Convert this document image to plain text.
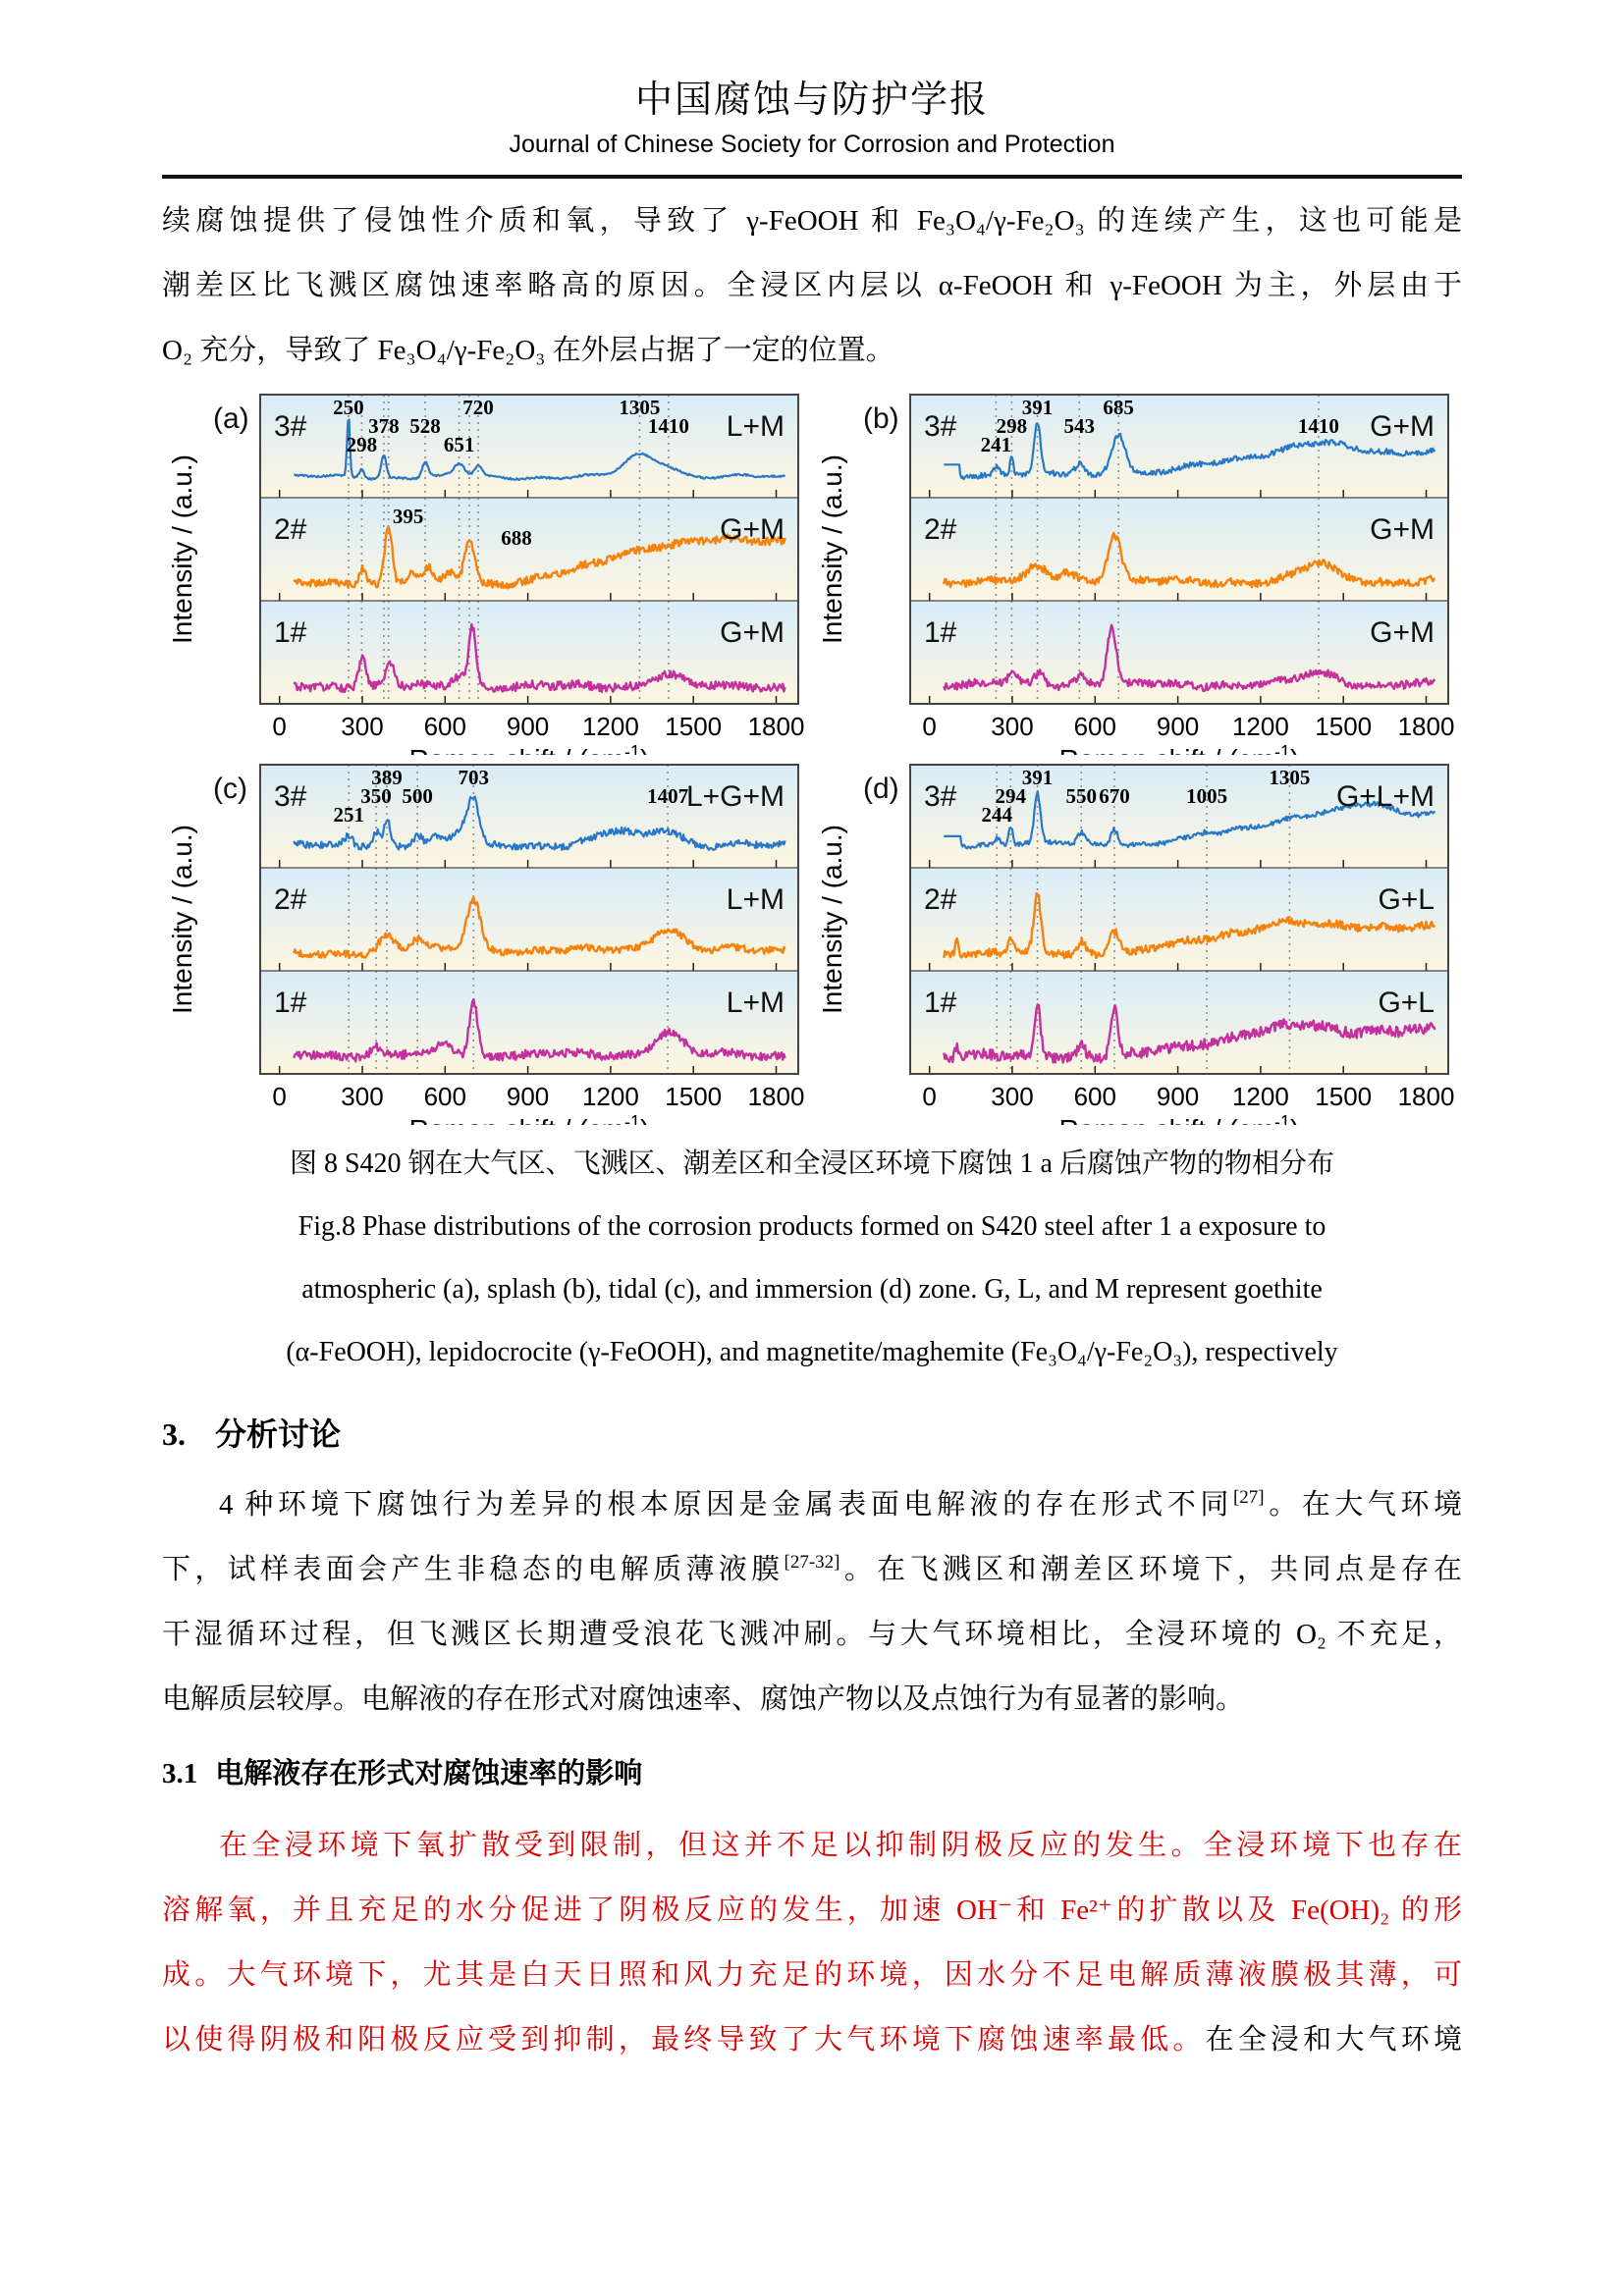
中国腐蚀与防护学报
Journal of Chinese Society for Corrosion and Protection
续腐蚀提供了侵蚀性介质和氧，导致了 γ-FeOOH 和 Fe₃O₄/γ-Fe₂O₃ 的连续产生，这也可能是
潮差区比飞溅区腐蚀速率略高的原因。全浸区内层以 α-FeOOH 和 γ-FeOOH 为主，外层由于
O₂ 充分，导致了 Fe₃O₄/γ-Fe₂O₃ 在外层占据了一定的位置。
3#	L+M
2#	G+M
1#	G+M
250
298
378 528
651
720	1305
1410
395
688
(a)
Intensity / (a.u.)
0 300 600 900 1200 1500 1800
$^{-1}$
3#	G+M
2#	G+M
1#	G+M
241
298
391
543
685
1410
(b)
Intensity / (a.u.)
0 300 600 900 1200 1500 1800
$^{-1}$
3#	L+G+M
2#	L+M
1#	L+M
251
350
389
500
703
1407
(c)
Intensity / (a.u.)
0 300 600 900 1200 1500 1800
$^{-1}$
3#	G+L+M
2#	G+L
1#	G+L
244
294
391
550 670	1005
1305
(d)
Intensity / (a.u.)
0 300 600 900 1200 1500 1800
$^{-1}$
图 8 S420 钢在大气区、飞溅区、潮差区和全浸区环境下腐蚀 1 a 后腐蚀产物的物相分布
Fig.8 Phase distributions of the corrosion products formed on S420 steel after 1 a exposure to
atmospheric (a), splash (b), tidal (c), and immersion (d) zone. G, L, and M represent goethite
(α-FeOOH), lepidocrocite (γ-FeOOH), and magnetite/maghemite (Fe₃O₄/γ-Fe₂O₃), respectively
3. 分析讨论
4 种环境下腐蚀行为差异的根本原因是金属表面电解液的存在形式不同[27]。在大气环境
下，试样表面会产生非稳态的电解质薄液膜[27-32]。在飞溅区和潮差区环境下，共同点是存在
干湿循环过程，但飞溅区长期遭受浪花飞溅冲刷。与大气环境相比，全浸环境的 O₂ 不充足，
电解质层较厚。电解液的存在形式对腐蚀速率、腐蚀产物以及点蚀行为有显著的影响。
3.1 电解液存在形式对腐蚀速率的影响
在全浸环境下氧扩散受到限制，但这并不足以抑制阴极反应的发生。全浸环境下也存在
溶解氧，并且充足的水分促进了阴极反应的发生，加速 OH⁻和 Fe²⁺的扩散以及 Fe(OH)₂ 的形
成。大气环境下，尤其是白天日照和风力充足的环境，因水分不足电解质薄液膜极其薄，可
以使得阴极和阳极反应受到抑制，最终导致了大气环境下腐蚀速率最低。在全浸和大气环境
